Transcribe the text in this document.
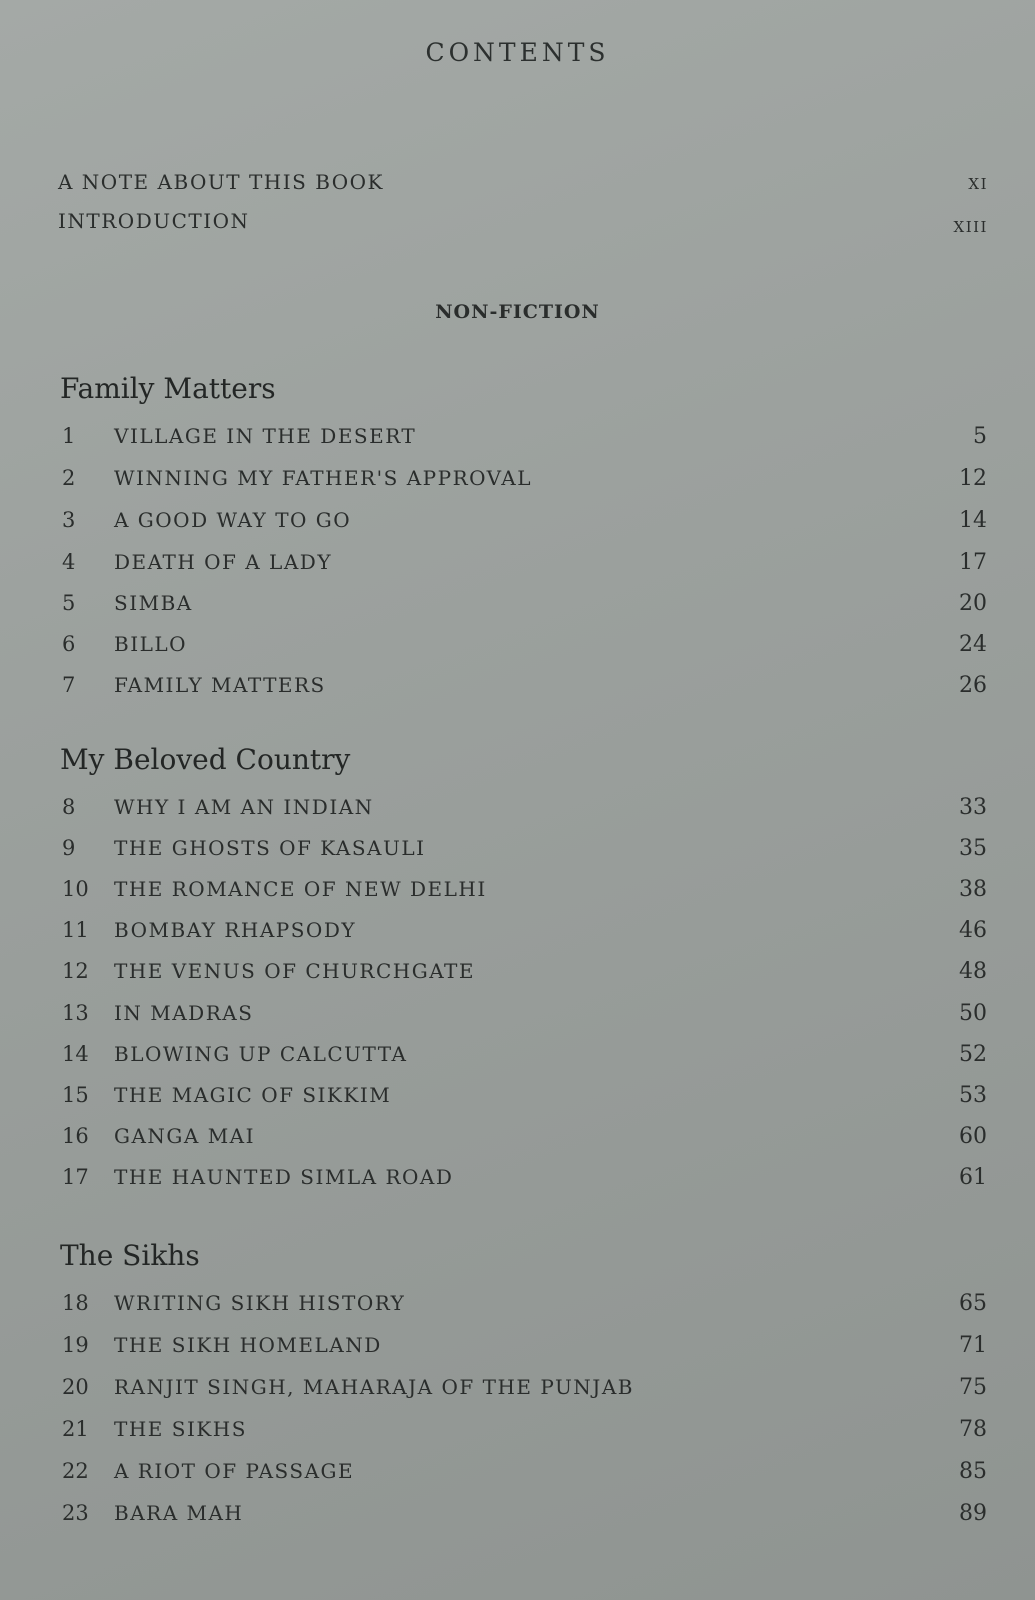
CONTENTS
A NOTE ABOUT THIS BOOK	xi
INTRODUCTION	xiii
NON-FICTION
Family Matters
1 VILLAGE IN THE DESERT	5
2 WINNING MY FATHER'S APPROVAL	12
3 A GOOD WAY TO GO	14
4 DEATH OF A LADY	17
5 SIMBA	20
6 BILLO	24
7 FAMILY MATTERS	26
My Beloved Country
8 WHY I AM AN INDIAN	33
9 THE GHOSTS OF KASAULI	35
10 THE ROMANCE OF NEW DELHI	38
11 BOMBAY RHAPSODY	46
12 THE VENUS OF CHURCHGATE	48
13 IN MADRAS	50
14 BLOWING UP CALCUTTA	52
15 THE MAGIC OF SIKKIM	53
16 GANGA MAI	60
17 THE HAUNTED SIMLA ROAD	61
The Sikhs
18 WRITING SIKH HISTORY	65
19 THE SIKH HOMELAND	71
20 RANJIT SINGH, MAHARAJA OF THE PUNJAB	75
21 THE SIKHS	78
22 A RIOT OF PASSAGE	85
23 BARA MAH	89
